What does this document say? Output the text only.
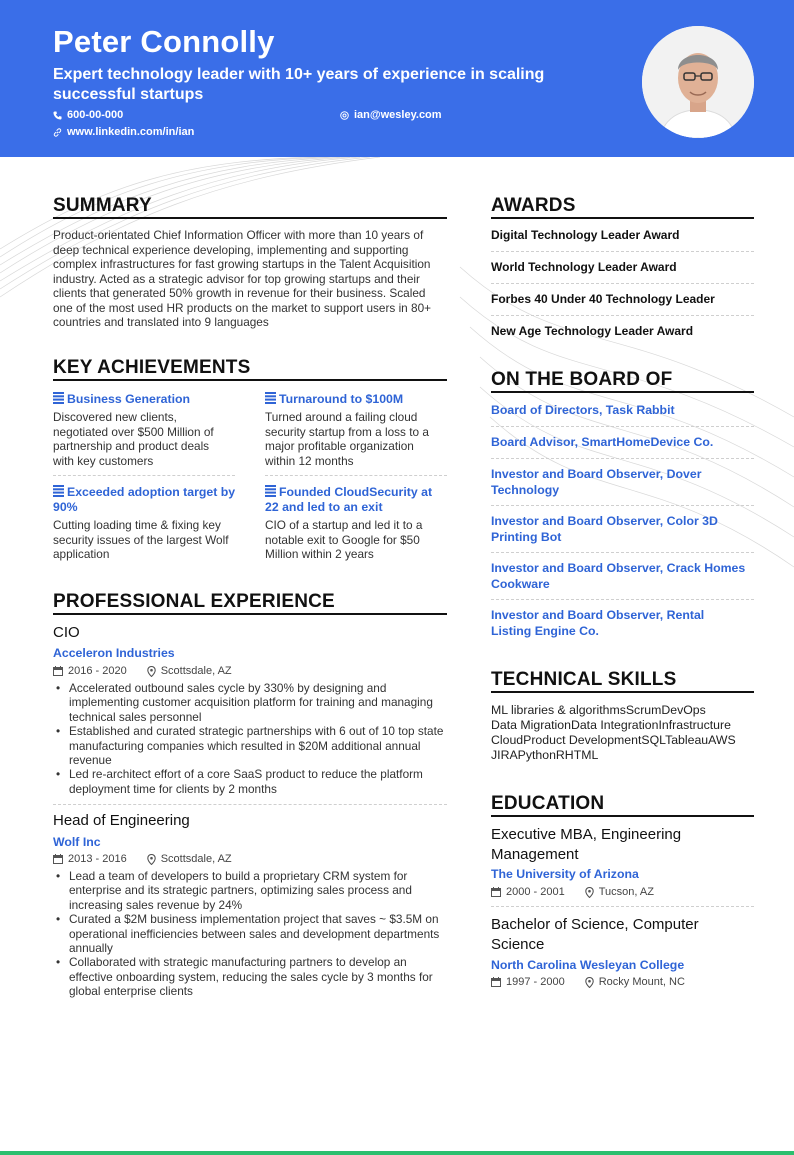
Peter Connolly
Expert technology leader with 10+ years of experience in scaling successful startups
600-00-000	ian@wesley.com
www.linkedin.com/in/ian
SUMMARY
Product-orientated Chief Information Officer with more than 10 years of deep technical experience developing, implementing and supporting complex infrastructures for fast growing startups in the Talent Acquisition industry. Acted as a strategic advisor for top growing startups and their clients that generated 50% growth in revenue for their business. Scaled one of the most used HR products on the market to support users in 80+ countries and translated into 9 languages
KEY ACHIEVEMENTS
Business Generation
Discovered new clients, negotiated over $500 Million of partnership and product deals with key customers
Turnaround to $100M
Turned around a failing cloud security startup from a loss to a major profitable organization within 12 months
Exceeded adoption target by 90%
Cutting loading time & fixing key security issues of the largest Wolf application
Founded CloudSecurity at 22 and led to an exit
CIO of a startup and led it to a notable exit to Google for $50 Million within 2 years
PROFESSIONAL EXPERIENCE
CIO
Acceleron Industries
2016 - 2020	Scottsdale, AZ
• Accelerated outbound sales cycle by 330% by designing and implementing customer acquisition platform for training and managing technical sales personnel
• Established and curated strategic partnerships with 6 out of 10 top state manufacturing companies which resulted in $20M additional annual revenue
• Led re-architect effort of a core SaaS product to reduce the platform deployment time for clients by 2 months
Head of Engineering
Wolf Inc
2013 - 2016	Scottsdale, AZ
• Lead a team of developers to build a proprietary CRM system for enterprise and its strategic partners, optimizing sales process and increasing sales revenue by 24%
• Curated a $2M business implementation project that saves ~ $3.5M on operational inefficiencies between sales and development departments annually
• Collaborated with strategic manufacturing partners to develop an effective onboarding system, reducing the sales cycle by 3 months for global enterprise clients
AWARDS
Digital Technology Leader Award
World Technology Leader Award
Forbes 40 Under 40 Technology Leader
New Age Technology Leader Award
ON THE BOARD OF
Board of Directors, Task Rabbit
Board Advisor, SmartHomeDevice Co.
Investor and Board Observer, Dover Technology
Investor and Board Observer, Color 3D Printing Bot
Investor and Board Observer, Crack Homes Cookware
Investor and Board Observer, Rental Listing Engine Co.
TECHNICAL SKILLS
ML libraries & algorithmsScrumDevOps
Data MigrationData IntegrationInfrastructure
CloudProduct DevelopmentSQLTableauAWS
JIRAPythonRHTML
EDUCATION
Executive MBA, Engineering Management
The University of Arizona
2000 - 2001	Tucson, AZ
Bachelor of Science, Computer Science
North Carolina Wesleyan College
1997 - 2000	Rocky Mount, NC
